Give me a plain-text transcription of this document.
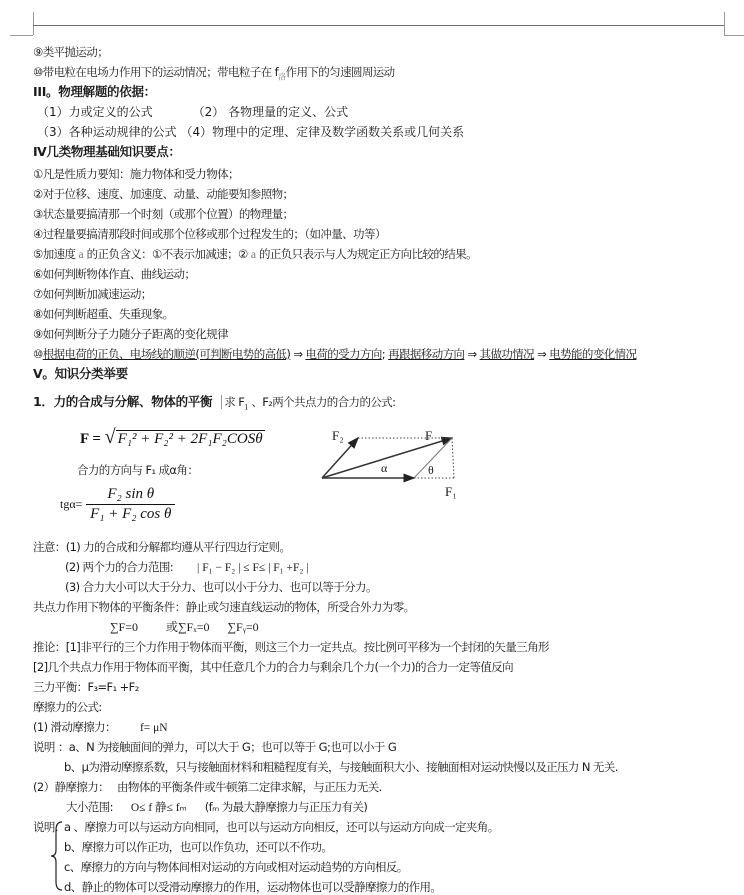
⑨类平抛运动；
⑩带电粒在电场力作用下的运动情况；带电粒子在 $f_洛$作用下的匀速圆周运动
III。物理解题的依据：
（1）力或定义的公式	（2） 各物理量的定义、公式
（3）各种运动规律的公式 （4）物理中的定理、定律及数学函数关系或几何关系
Ⅳ几类物理基础知识要点：
①凡是性质力要知：施力物体和受力物体；
②对于位移、速度、加速度、动量、动能要知参照物；
③状态量要搞清那一个时刻（或那个位置）的物理量；
④过程量要搞清那段时间或那个位移或那个过程发生的；（如冲量、功等）
⑤加速度 a 的正负含义：①不表示加减速；② a 的正负只表示与人为规定正方向比较的结果。
⑥如何判断物体作直、曲线运动；
⑦如何判断加减速运动；
⑧如何判断超重、失重现象。
⑨如何判断分子力随分子距离的变化规律
⑩根据电荷的正负、电场线的顺逆(可判断电势的高低) ⇒ 电荷的受力方向; 再跟据移动方向 ⇒ 其做功情况 ⇒ 电势能的变化情况
V。知识分类举要
1．力的合成与分解、物体的平衡 求 $F_1$ 、F₂两个共点力的合力的公式:
F = √ F₁² + F₂² + 2F₁F₂COSθ
合力的方向与 F₁ 成α角：
$tg\alpha= \frac{\text{F₂ sin θ}}{\text{F₁ + F₂ cos θ}}$
F₂	F
α	θ
F₁
注意：(1) 力的合成和分解都均遵从平行四边行定则。
(2) 两个力的合力范围: | F₁ − F₂ | ≤ F≤ | F₁ +F₂ |
(3) 合力大小可以大于分力、也可以小于分力、也可以等于分力。
共点力作用下物体的平衡条件：静止或匀速直线运动的物体，所受合外力为零。
∑F=0 或∑Fₓ=0 ∑Fᵧ=0
推论：[1]非平行的三个力作用于物体而平衡，则这三个力一定共点。按比例可平移为一个封闭的矢量三角形
[2]几个共点力作用于物体而平衡，其中任意几个力的合力与剩余几个力(一个力)的合力一定等值反向
三力平衡：F₃=F₁ +F₂
摩擦力的公式:
(1) 滑动摩擦力： f= μN
说明 ：a、N 为接触面间的弹力，可以大于 G；也可以等于 G;也可以小于 G
b、μ为滑动摩擦系数，只与接触面材料和粗糙程度有关，与接触面积大小、接触面相对运动快慢以及正压力 N 无关.
(2）静摩擦力： 由物体的平衡条件或牛顿第二定律求解，与正压力无关.
大小范围: O≤ f 静≤ fₘ (fₘ 为最大静摩擦力与正压力有关)
说明: a 、摩擦力可以与运动方向相同，也可以与运动方向相反，还可以与运动方向成一定夹角。
b、摩擦力可以作正功，也可以作负功，还可以不作功。
c、摩擦力的方向与物体间相对运动的方向或相对运动趋势的方向相反。
d、静止的物体可以受滑动摩擦力的作用，运动物体也可以受静摩擦力的作用。
